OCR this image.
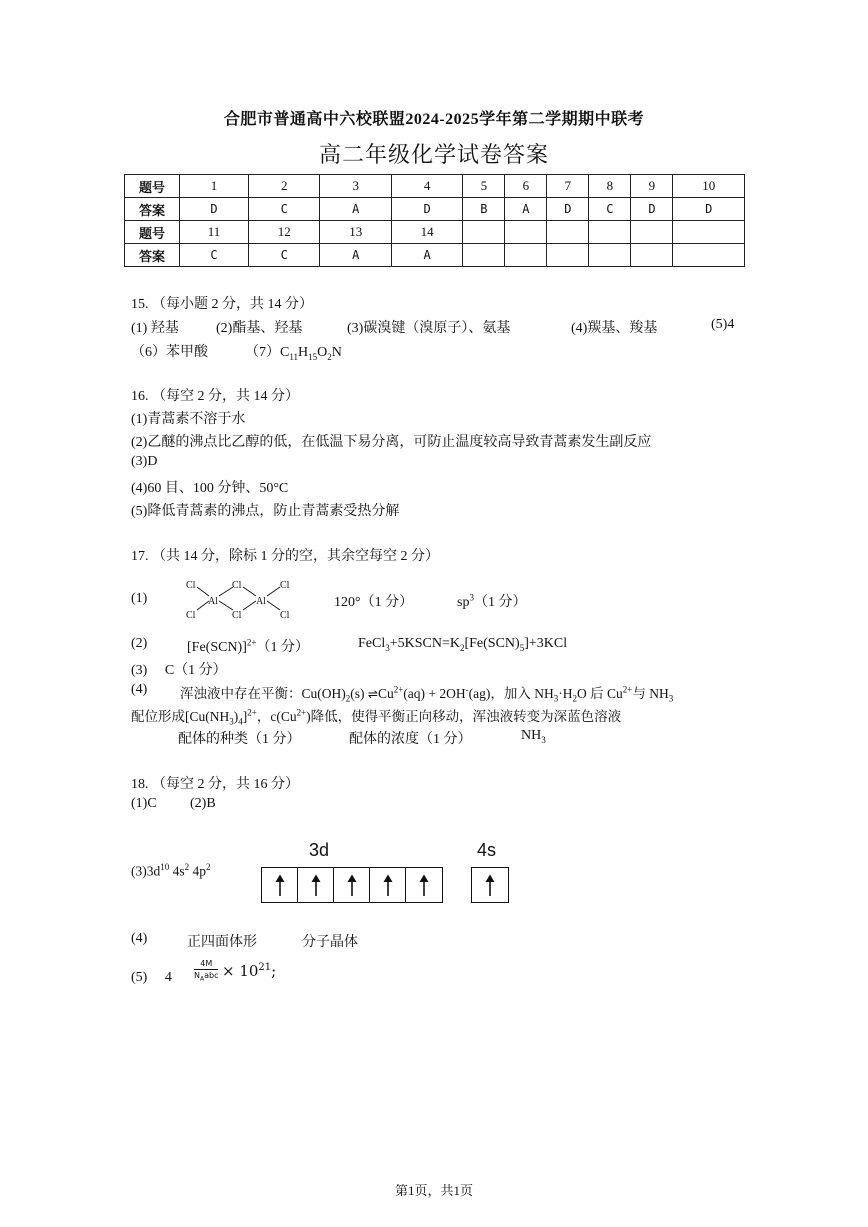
合肥市普通高中六校联盟2024-2025学年第二学期期中联考
高二年级化学试卷答案
题号	1	2	3	4	5	6	7	8	9	10
答案	D	C	A	D	B	A	D	C	D	D
题号	11	12	13	14						
答案	C	C	A	A						
15. （每小题 2 分，共 14 分）
(1) 羟基	(2)酯基、羟基	(3)碳溴键（溴原子）、氨基	(4)羰基、羧基	(5)4
（6）苯甲酸	$(7)C_{11}H_{15}O_2N$
16. （每空 2 分，共 14 分）
(1)青蒿素不溶于水
(2)乙醚的沸点比乙醇的低，在低温下易分离，可防止温度较高导致青蒿素发生副反应
(3)D
(4)60 目、100 分钟、50°C
(5)降低青蒿素的沸点，防止青蒿素受热分解
17. （共 14 分，除标 1 分的空，其余空每空 2 分）
(1)
Cl
Cl
Cl
Cl
Cl
Cl
Al	Al	120°（1 分）	$sp^3(1$ 分）
(2)	$[Fe(SCN)]^{2+}(1$ 分）	$FeCl_3+5KSCN=K_2[Fe(SCN)_5]+3KCl$
(3)　 C（1 分）
(4) 浑浊液中存在平衡：$Cu(OH)_2(s)$ $\rightleftharpoons Cu^{2+}(aq) + 2OH^-(ag)$，加入 $NH_3\cdot H_2O$ 后 $Cu^{2+}$与 $NH_3$
配位形成$[Cu(NH_3)_4]^{2+}$，$c(Cu^{2+})$降低，使得平衡正向移动，浑浊液转变为深蓝色溶液
配体的种类（1 分）	配体的浓度（1 分）	$NH_3$
18. （每空 2 分，共 16 分）
(1)C (2)B
$(3)3d^{10}$ $4s^2$ $4p^2$
3d	4s
(4)	正四面体形	分子晶体
(5)　 4	$\frac{4M}{N_Aabc} \times 10^{21}$;
第1页，共1页
